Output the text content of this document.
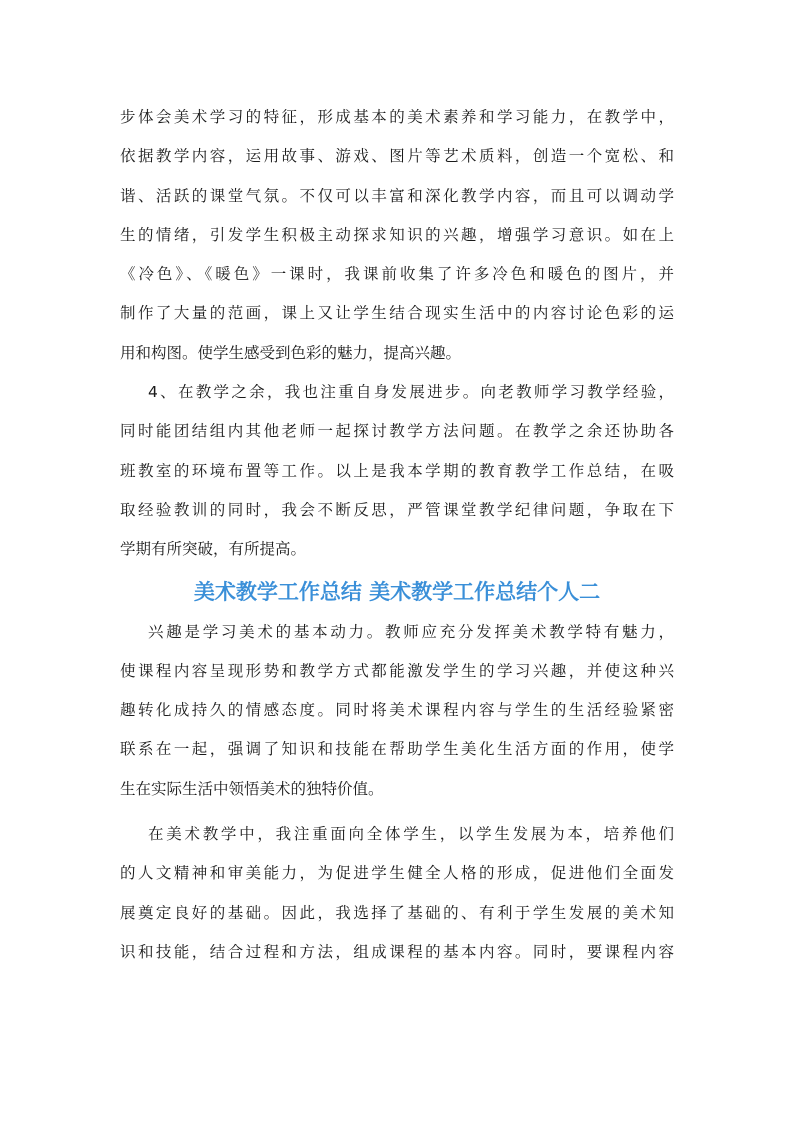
步体会美术学习的特征，形成基本的美术素养和学习能力，在教学中，
依据教学内容，运用故事、游戏、图片等艺术质料，创造一个宽松、和
谐、活跃的课堂气氛。不仅可以丰富和深化教学内容，而且可以调动学
生的情绪，引发学生积极主动探求知识的兴趣，增强学习意识。如在上
《冷色》、《暖色》一课时，我课前收集了许多冷色和暖色的图片，并
制作了大量的范画，课上又让学生结合现实生活中的内容讨论色彩的运
用和构图。使学生感受到色彩的魅力，提高兴趣。

4、在教学之余，我也注重自身发展进步。向老教师学习教学经验，
同时能团结组内其他老师一起探讨教学方法问题。在教学之余还协助各
班教室的环境布置等工作。以上是我本学期的教育教学工作总结，在吸
取经验教训的同时，我会不断反思，严管课堂教学纪律问题，争取在下
学期有所突破，有所提高。

美术教学工作总结 美术教学工作总结个人二

兴趣是学习美术的基本动力。教师应充分发挥美术教学特有魅力，
使课程内容呈现形势和教学方式都能激发学生的学习兴趣，并使这种兴
趣转化成持久的情感态度。同时将美术课程内容与学生的生活经验紧密
联系在一起，强调了知识和技能在帮助学生美化生活方面的作用，使学
生在实际生活中领悟美术的独特价值。

在美术教学中，我注重面向全体学生，以学生发展为本，培养他们
的人文精神和审美能力，为促进学生健全人格的形成，促进他们全面发
展奠定良好的基础。因此，我选择了基础的、有利于学生发展的美术知
识和技能，结合过程和方法，组成课程的基本内容。同时，要课程内容
